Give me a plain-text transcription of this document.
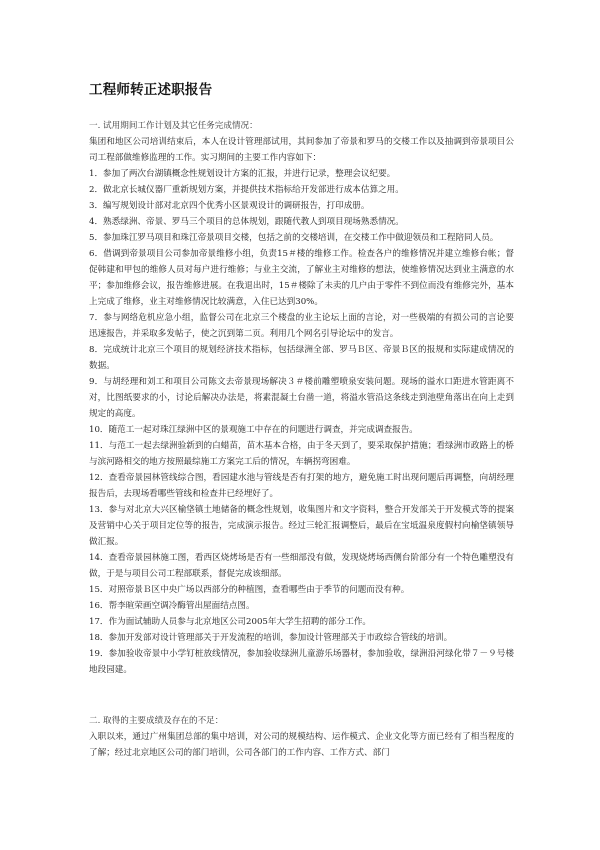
工程师转正述职报告

一. 试用期间工作计划及其它任务完成情况：

集团和地区公司培训结束后，本人在设计管理部试用，其间参加了帝景和罗马的交楼工作以及抽调到帝景项目公司工程部做维修监理的工作。实习期间的主要工作内容如下：

1．参加了两次台湖镇概念性规划设计方案的汇报，并进行记录，整理会议纪要。
2．做北京长城仪器厂重新规划方案，并提供技术指标给开发部进行成本估算之用。
3．编写规划设计部对北京四个优秀小区景观设计的调研报告，打印成册。
4．熟悉绿洲、帝景、罗马三个项目的总体规划，跟随代教人到项目现场熟悉情况。
5．参加珠江罗马项目和珠江帝景项目交楼，包括之前的交楼培训，在交楼工作中做迎领员和工程陪同人员。
6．借调到帝景项目公司参加帝景维修小组，负责15＃楼的维修工作。检查各户的维修情况并建立维修台帐；督促韩建和甲包的维修人员对每户进行维修；与业主交流，了解业主对维修的想法，使维修情况达到业主满意的水平；参加维修会议，报告维修进展。在我退出时，15＃楼除了未卖的几户由于零件不到位而没有维修完外，基本上完成了维修，业主对维修情况比较满意，入住已达到30%。
7．参与网络危机应急小组，监督公司在北京三个楼盘的业主论坛上面的言论，对一些极端的有损公司的言论要迅速报告，并采取多发帖子，使之沉到第二页。利用几个网名引导论坛中的发言。
8．完成统计北京三个项目的规划经济技术指标，包括绿洲全部、罗马Ｂ区、帝景Ｂ区的报规和实际建成情况的数据。
9．与胡经理和刘工和项目公司陈文去帝景现场解决３＃楼前雕塑喷泉安装问题。现场的溢水口距进水管距离不对，比图纸要求的小，讨论后解决办法是，将素混凝土台凿一道，将溢水管沿这条线走到池壁角落出在向上走到规定的高度。
10．随范工一起对珠江绿洲中区的景观施工中存在的问题进行调查，并完成调查报告。
11．与范工一起去绿洲验新到的白蜡苗，苗木基本合格，由于冬天到了，要采取保护措施；看绿洲市政路上的桥与滨河路相交的地方按照最综施工方案完工后的情况，车辆拐弯困难。
12．查看帝景园林管线综合图，看园建水池与管线是否有打架的地方，避免施工时出现问题后再调整，向胡经理报告后，去现场看哪些管线和检查井已经埋好了。
13．参与对北京大兴区榆垡镇土地储备的概念性规划，收集图片和文字资料，整合开发部关于开发模式等的提案及营销中心关于项目定位等的报告，完成演示报告。经过三轮汇报调整后，最后在宝坻温泉度假村向榆垡镇领导做汇报。
14．查看帝景园林施工图，看西区烧烤场是否有一些细部没有做，发现烧烤场西侧台阶部分有一个特色雕塑没有做，于是与项目公司工程部联系，督促完成该细部。
15．对照帝景Ｂ区中央广场以西部分的种植图，查看哪些由于季节的问题而没有种。
16．帮李暄荣画空调冷酶管出屋面结点图。
17．作为面试辅助人员参与北京地区公司2005年大学生招聘的部分工作。
18．参加开发部对设计管理部关于开发流程的培训，参加设计管理部关于市政综合管线的培训。
19．参加验收帝景中小学钉桩放线情况，参加验收绿洲儿童游乐场器材，参加验收，绿洲沿河绿化带７－９号楼地段园建。

二. 取得的主要成绩及存在的不足：

入职以来，通过广州集团总部的集中培训，对公司的规模结构、运作模式、企业文化等方面已经有了相当程度的了解；经过北京地区公司的部门培训，公司各部门的工作内容、工作方式、部门
